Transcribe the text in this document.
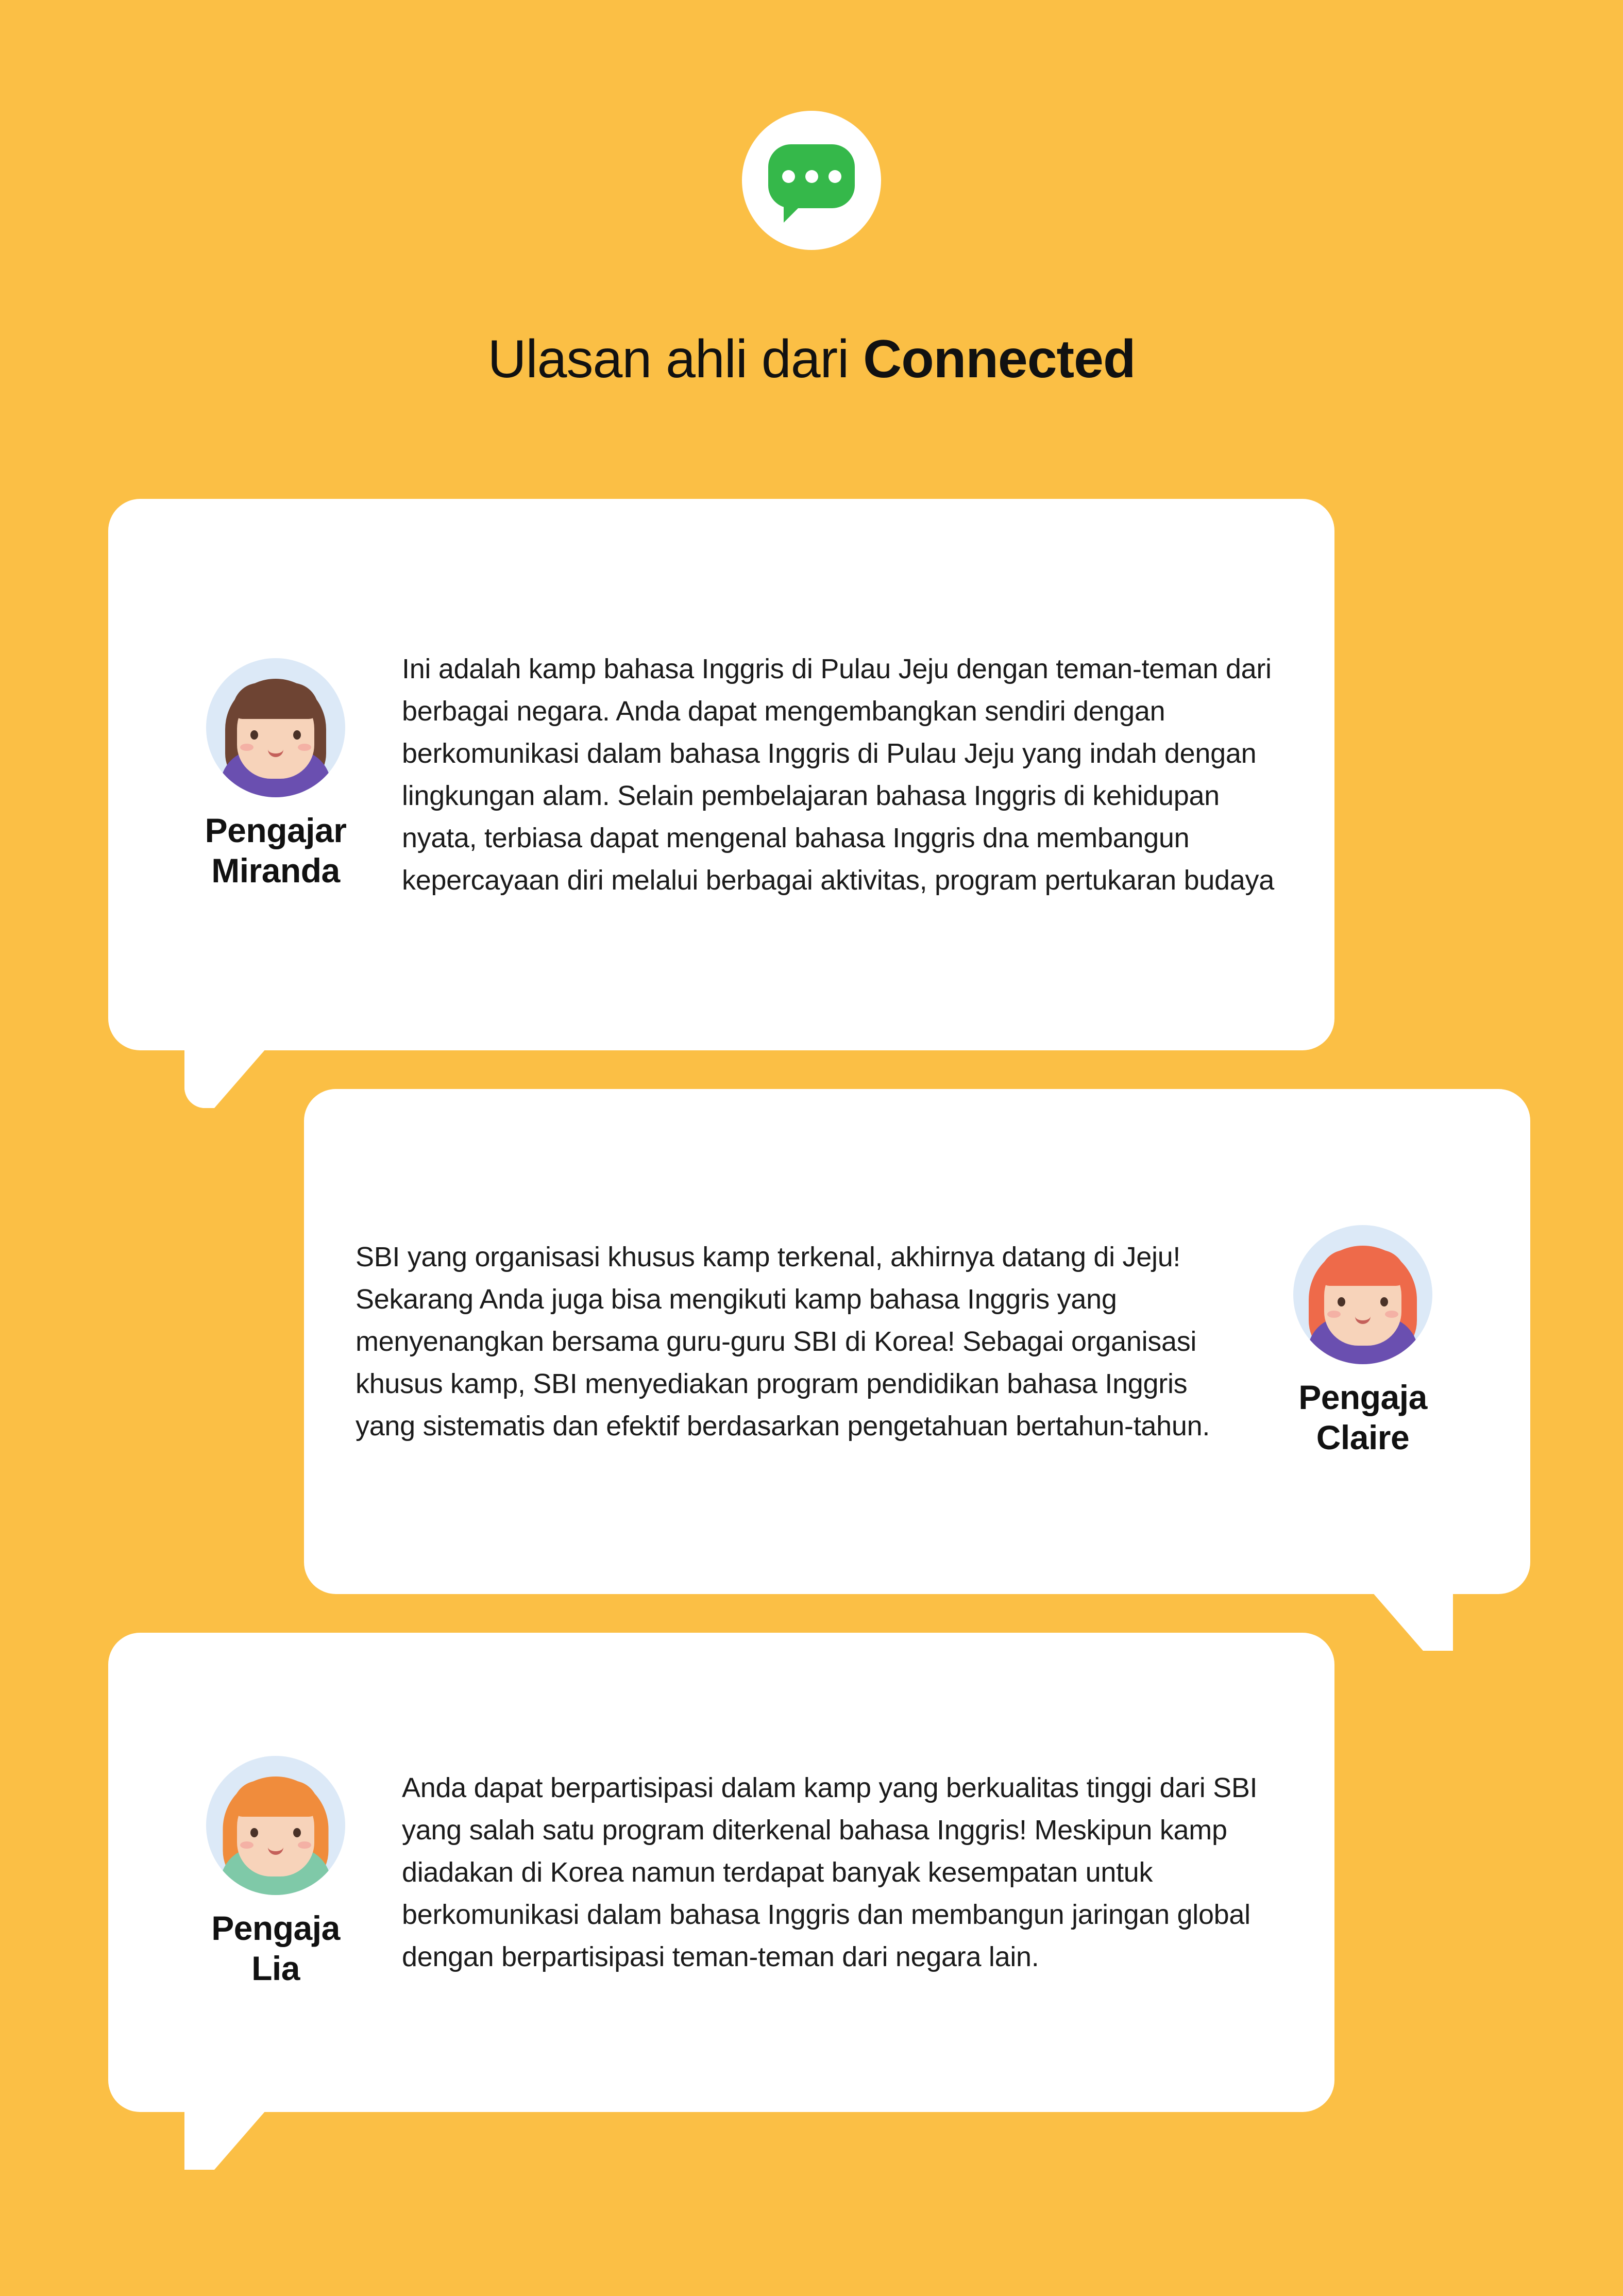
Ulasan ahli dari Connected
Pengajar
Miranda
Ini adalah kamp bahasa Inggris di Pulau Jeju dengan teman-teman dari berbagai negara. Anda dapat mengembangkan sendiri dengan berkomunikasi dalam bahasa Inggris di Pulau Jeju yang indah dengan lingkungan alam. Selain pembelajaran bahasa Inggris di kehidupan nyata, terbiasa dapat mengenal bahasa Inggris dna membangun kepercayaan diri melalui berbagai aktivitas, program pertukaran budaya
SBI yang organisasi khusus kamp terkenal, akhirnya datang di Jeju! Sekarang Anda juga bisa mengikuti kamp bahasa Inggris yang menyenangkan bersama guru-guru SBI di Korea! Sebagai organisasi khusus kamp, SBI menyediakan program pendidikan bahasa Inggris yang sistematis dan efektif berdasarkan pengetahuan bertahun-tahun.
Pengaja
Claire
Pengaja
Lia
Anda dapat berpartisipasi dalam kamp yang berkualitas tinggi dari SBI yang salah satu program diterkenal bahasa Inggris! Meskipun kamp diadakan di Korea namun terdapat banyak kesempatan untuk berkomunikasi dalam bahasa Inggris dan membangun jaringan global dengan berpartisipasi teman-teman dari negara lain.
